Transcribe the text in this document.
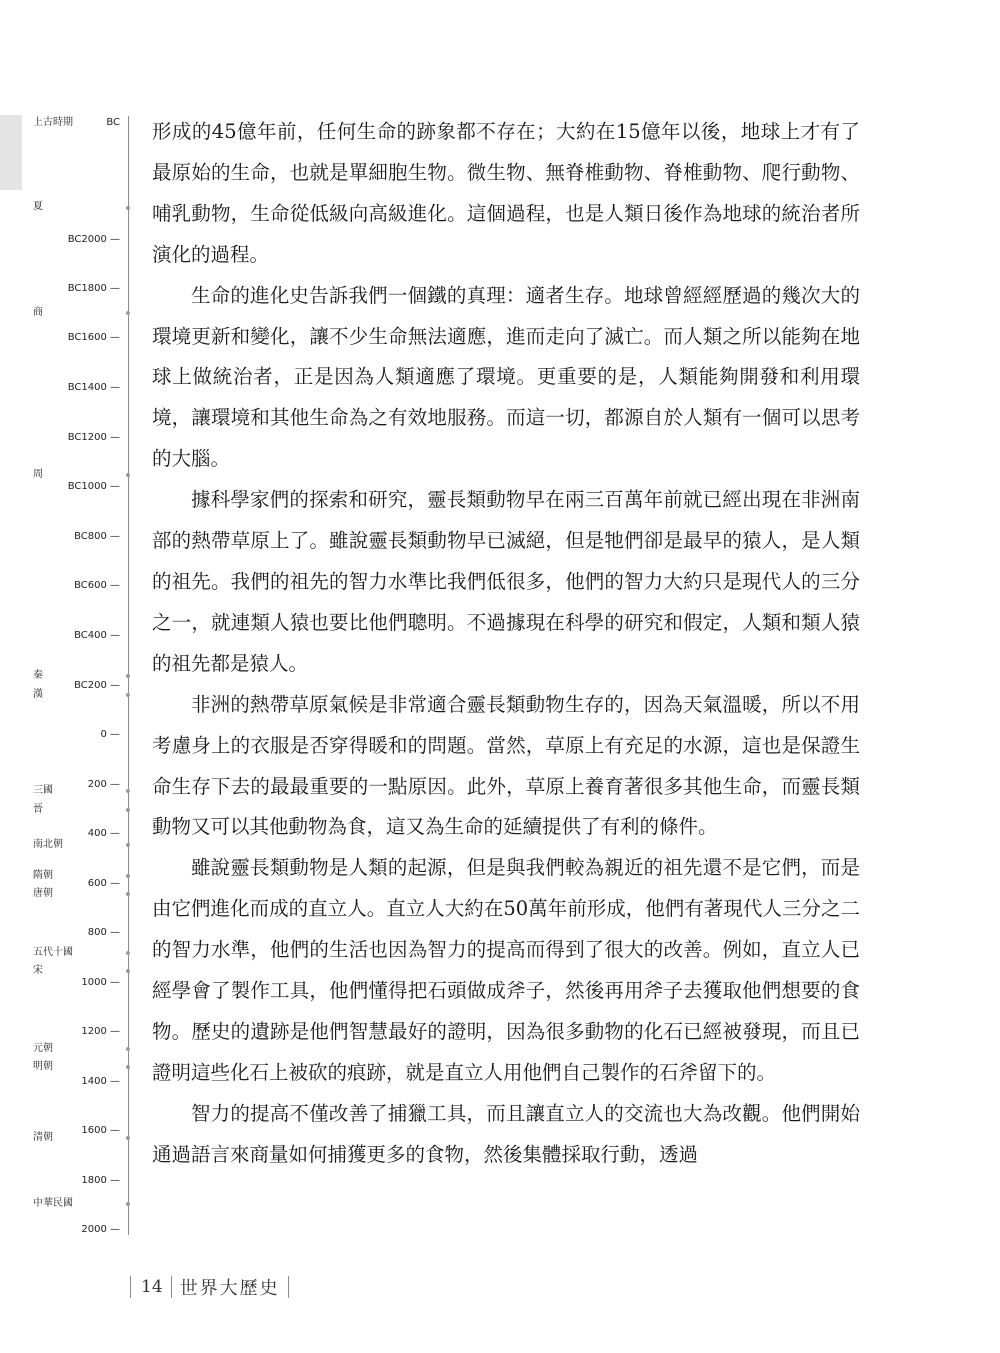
上古時期
夏
商
周
秦
漢
三國
晉
南北朝
隋朝
唐朝
五代十國
宋
元朝
明朝
清朝
中華民國
BC
BC2000 —
BC1800 —
BC1600 —
BC1400 —
BC1200 —
BC1000 —
BC800 —
BC600 —
BC400 —
BC200 —
0 —
200 —
400 —
600 —
800 —
1000 —
1200 —
1400 —
1600 —
1800 —
2000 —

形成的45億年前，任何生命的跡象都不存在；大約在15億年以後，地球上才有了最原始的生命，也就是單細胞生物。微生物、無脊椎動物、脊椎動物、爬行動物、哺乳動物，生命從低級向高級進化。這個過程，也是人類日後作為地球的統治者所演化的過程。

生命的進化史告訴我們一個鐵的真理：適者生存。地球曾經經歷過的幾次大的環境更新和變化，讓不少生命無法適應，進而走向了滅亡。而人類之所以能夠在地球上做統治者，正是因為人類適應了環境。更重要的是，人類能夠開發和利用環境，讓環境和其他生命為之有效地服務。而這一切，都源自於人類有一個可以思考的大腦。

據科學家們的探索和研究，靈長類動物早在兩三百萬年前就已經出現在非洲南部的熱帶草原上了。雖說靈長類動物早已滅絕，但是牠們卻是最早的猿人，是人類的祖先。我們的祖先的智力水準比我們低很多，他們的智力大約只是現代人的三分之一，就連類人猿也要比他們聰明。不過據現在科學的研究和假定，人類和類人猿的祖先都是猿人。

非洲的熱帶草原氣候是非常適合靈長類動物生存的，因為天氣溫暖，所以不用考慮身上的衣服是否穿得暖和的問題。當然，草原上有充足的水源，這也是保證生命生存下去的最最重要的一點原因。此外，草原上養育著很多其他生命，而靈長類動物又可以其他動物為食，這又為生命的延續提供了有利的條件。

雖說靈長類動物是人類的起源，但是與我們較為親近的祖先還不是它們，而是由它們進化而成的直立人。直立人大約在50萬年前形成，他們有著現代人三分之二的智力水準，他們的生活也因為智力的提高而得到了很大的改善。例如，直立人已經學會了製作工具，他們懂得把石頭做成斧子，然後再用斧子去獲取他們想要的食物。歷史的遺跡是他們智慧最好的證明，因為很多動物的化石已經被發現，而且已證明這些化石上被砍的痕跡，就是直立人用他們自己製作的石斧留下的。

智力的提高不僅改善了捕獵工具，而且讓直立人的交流也大為改觀。他們開始通過語言來商量如何捕獲更多的食物，然後集體採取行動，透過

14 世界大歷史
